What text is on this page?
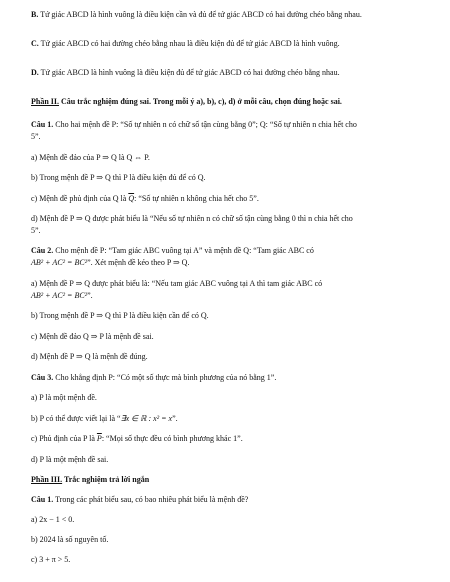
B. Tứ giác ABCD là hình vuông là điều kiện cần và đủ để tứ giác ABCD có hai đường chéo bằng nhau.

C. Tứ giác ABCD có hai đường chéo bằng nhau là điều kiện đủ để tứ giác ABCD là hình vuông.

D. Tứ giác ABCD là hình vuông là điều kiện đủ để tứ giác ABCD có hai đường chéo bằng nhau.

Phần II. Câu trắc nghiệm đúng sai. Trong mỗi ý a), b), c), d) ở mỗi câu, chọn đúng hoặc sai.

Câu 1. Cho hai mệnh đề P: “Số tự nhiên n có chữ số tận cùng bằng 0”; Q: “Số tự nhiên n chia hết cho

5”.

a) Mệnh đề đảo của P ⇒ Q là Q ⇔ P.

b) Trong mệnh đề P ⇒ Q thì P là điều kiện đủ để có Q.

c) Mệnh đề phủ định của Q là $\overline{Q}$: “Số tự nhiên n không chia hết cho 5”.

d) Mệnh đề P ⇒ Q được phát biểu là “Nếu số tự nhiên n có chữ số tận cùng bằng 0 thì n chia hết cho

5”.

Câu 2. Cho mệnh đề P: “Tam giác ABC vuông tại A” và mệnh đề Q: “Tam giác ABC có

AB² + AC² = BC²”. Xét mệnh đề kéo theo P ⇒ Q.

a) Mệnh đề P ⇒ Q được phát biểu là: “Nếu tam giác ABC vuông tại A thì tam giác ABC có

AB² + AC² = BC²”.

b) Trong mệnh đề P ⇒ Q thì P là điều kiện cần để có Q.

c) Mệnh đề đảo Q ⇒ P là mệnh đề sai.

d) Mệnh đề P ⇒ Q là mệnh đề đúng.

Câu 3. Cho khẳng định P: “Có một số thực mà bình phương của nó bằng 1”.

a) P là một mệnh đề.

b) P có thể được viết lại là “∃x ∈ ℝ : x² = x”.

c) Phủ định của P là $\overline{P}$: “Mọi số thực đều có bình phương khác 1”.

d) P là một mệnh đề sai.

Phần III. Trắc nghiệm trả lời ngắn

Câu 1. Trong các phát biểu sau, có bao nhiêu phát biểu là mệnh đề?

a) 2x − 1 < 0.

b) 2024 là số nguyên tố.

c) 3 + π > 5.
